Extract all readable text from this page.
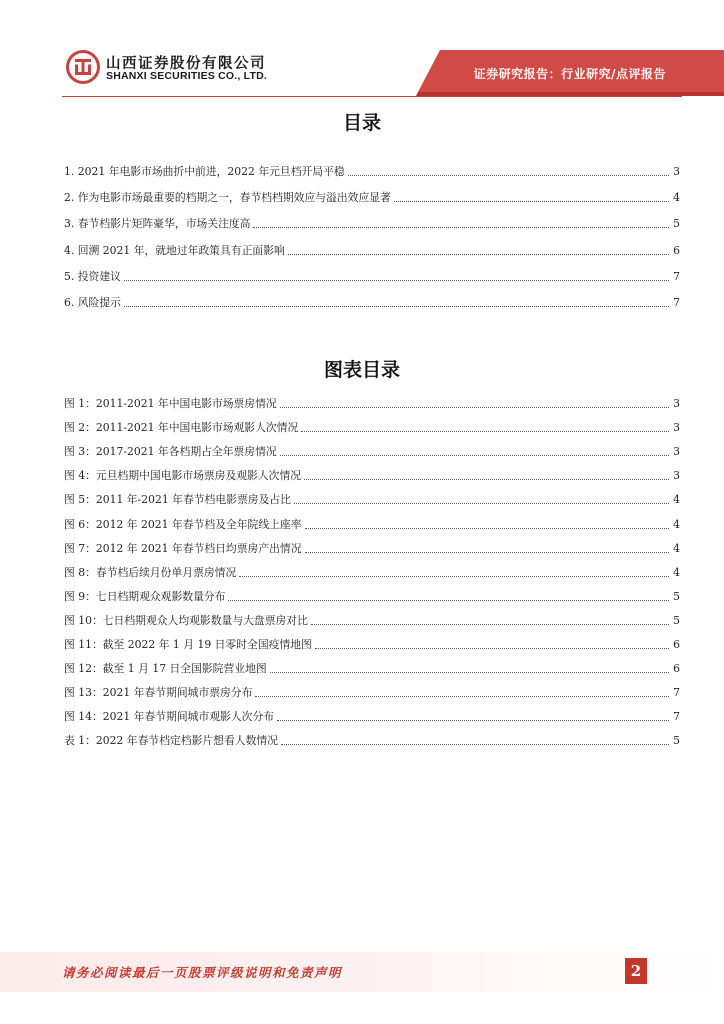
山西证券股份有限公司
SHANXI SECURITIES CO., LTD.	证券研究报告：行业研究/点评报告
目录
1. 2021 年电影市场曲折中前进，2022 年元旦档开局平稳	3
2. 作为电影市场最重要的档期之一，春节档档期效应与溢出效应显著	4
3. 春节档影片矩阵豪华，市场关注度高	5
4. 回溯 2021 年，就地过年政策具有正面影响	6
5. 投资建议	7
6. 风险提示	7
图表目录
图 1：2011-2021 年中国电影市场票房情况	3
图 2：2011-2021 年中国电影市场观影人次情况	3
图 3：2017-2021 年各档期占全年票房情况	3
图 4：元旦档期中国电影市场票房及观影人次情况	3
图 5：2011 年-2021 年春节档电影票房及占比	4
图 6：2012 年 2021 年春节档及全年院线上座率	4
图 7：2012 年 2021 年春节档日均票房产出情况	4
图 8：春节档后续月份单月票房情况	4
图 9：七日档期观众观影数量分布	5
图 10：七日档期观众人均观影数量与大盘票房对比	5
图 11：截至 2022 年 1 月 19 日零时全国疫情地图	6
图 12：截至 1 月 17 日全国影院营业地图	6
图 13：2021 年春节期间城市票房分布	7
图 14：2021 年春节期间城市观影人次分布	7
表 1：2022 年春节档定档影片想看人数情况	5
请务必阅读最后一页股票评级说明和免责声明	2
